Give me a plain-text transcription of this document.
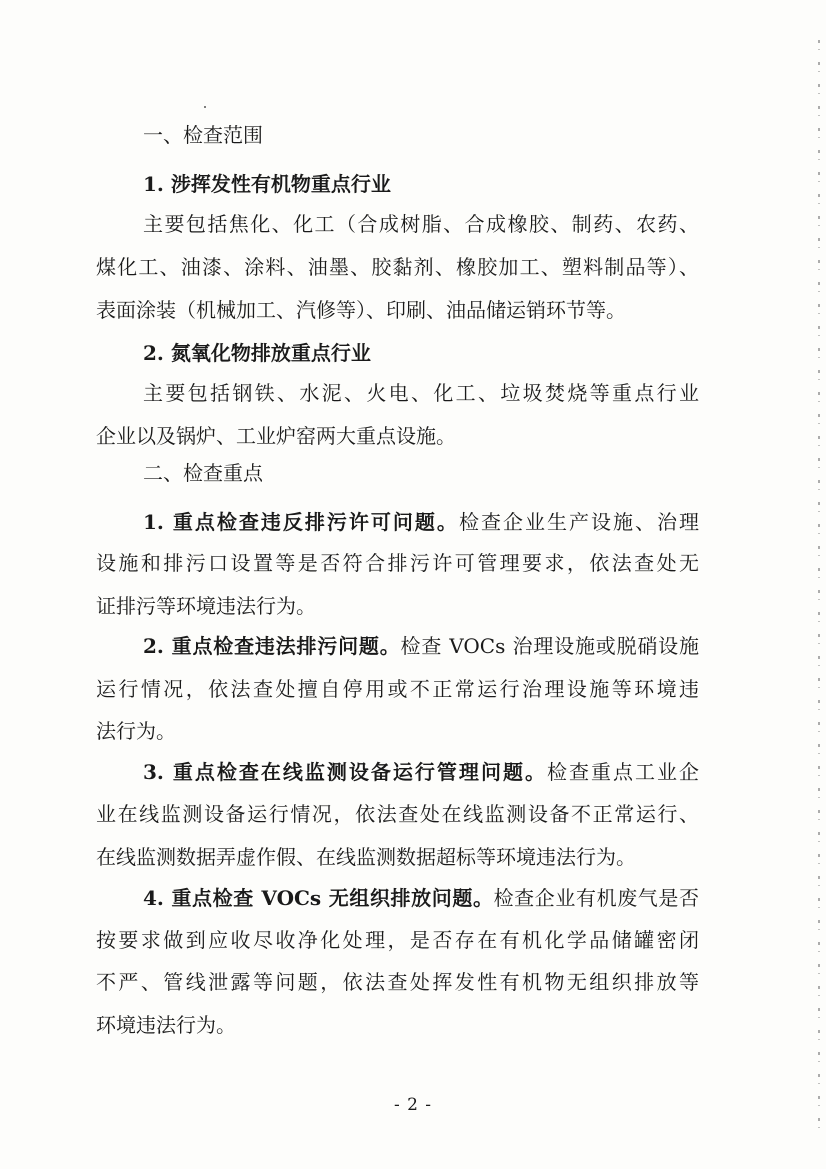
一、检查范围
1. 涉挥发性有机物重点行业
主要包括焦化、化工（合成树脂、合成橡胶、制药、农药、
煤化工、油漆、涂料、油墨、胶黏剂、橡胶加工、塑料制品等）、
表面涂装（机械加工、汽修等）、印刷、油品储运销环节等。
2. 氮氧化物排放重点行业
主要包括钢铁、水泥、火电、化工、垃圾焚烧等重点行业
企业以及锅炉、工业炉窑两大重点设施。
二、检查重点
1. 重点检查违反排污许可问题。检查企业生产设施、治理
设施和排污口设置等是否符合排污许可管理要求，依法查处无
证排污等环境违法行为。
2. 重点检查违法排污问题。检查 VOCs 治理设施或脱硝设施
运行情况，依法查处擅自停用或不正常运行治理设施等环境违
法行为。
3. 重点检查在线监测设备运行管理问题。检查重点工业企
业在线监测设备运行情况，依法查处在线监测设备不正常运行、
在线监测数据弄虚作假、在线监测数据超标等环境违法行为。
4. 重点检查 VOCs 无组织排放问题。检查企业有机废气是否
按要求做到应收尽收净化处理，是否存在有机化学品储罐密闭
不严、管线泄露等问题，依法查处挥发性有机物无组织排放等
环境违法行为。
- 2 -
